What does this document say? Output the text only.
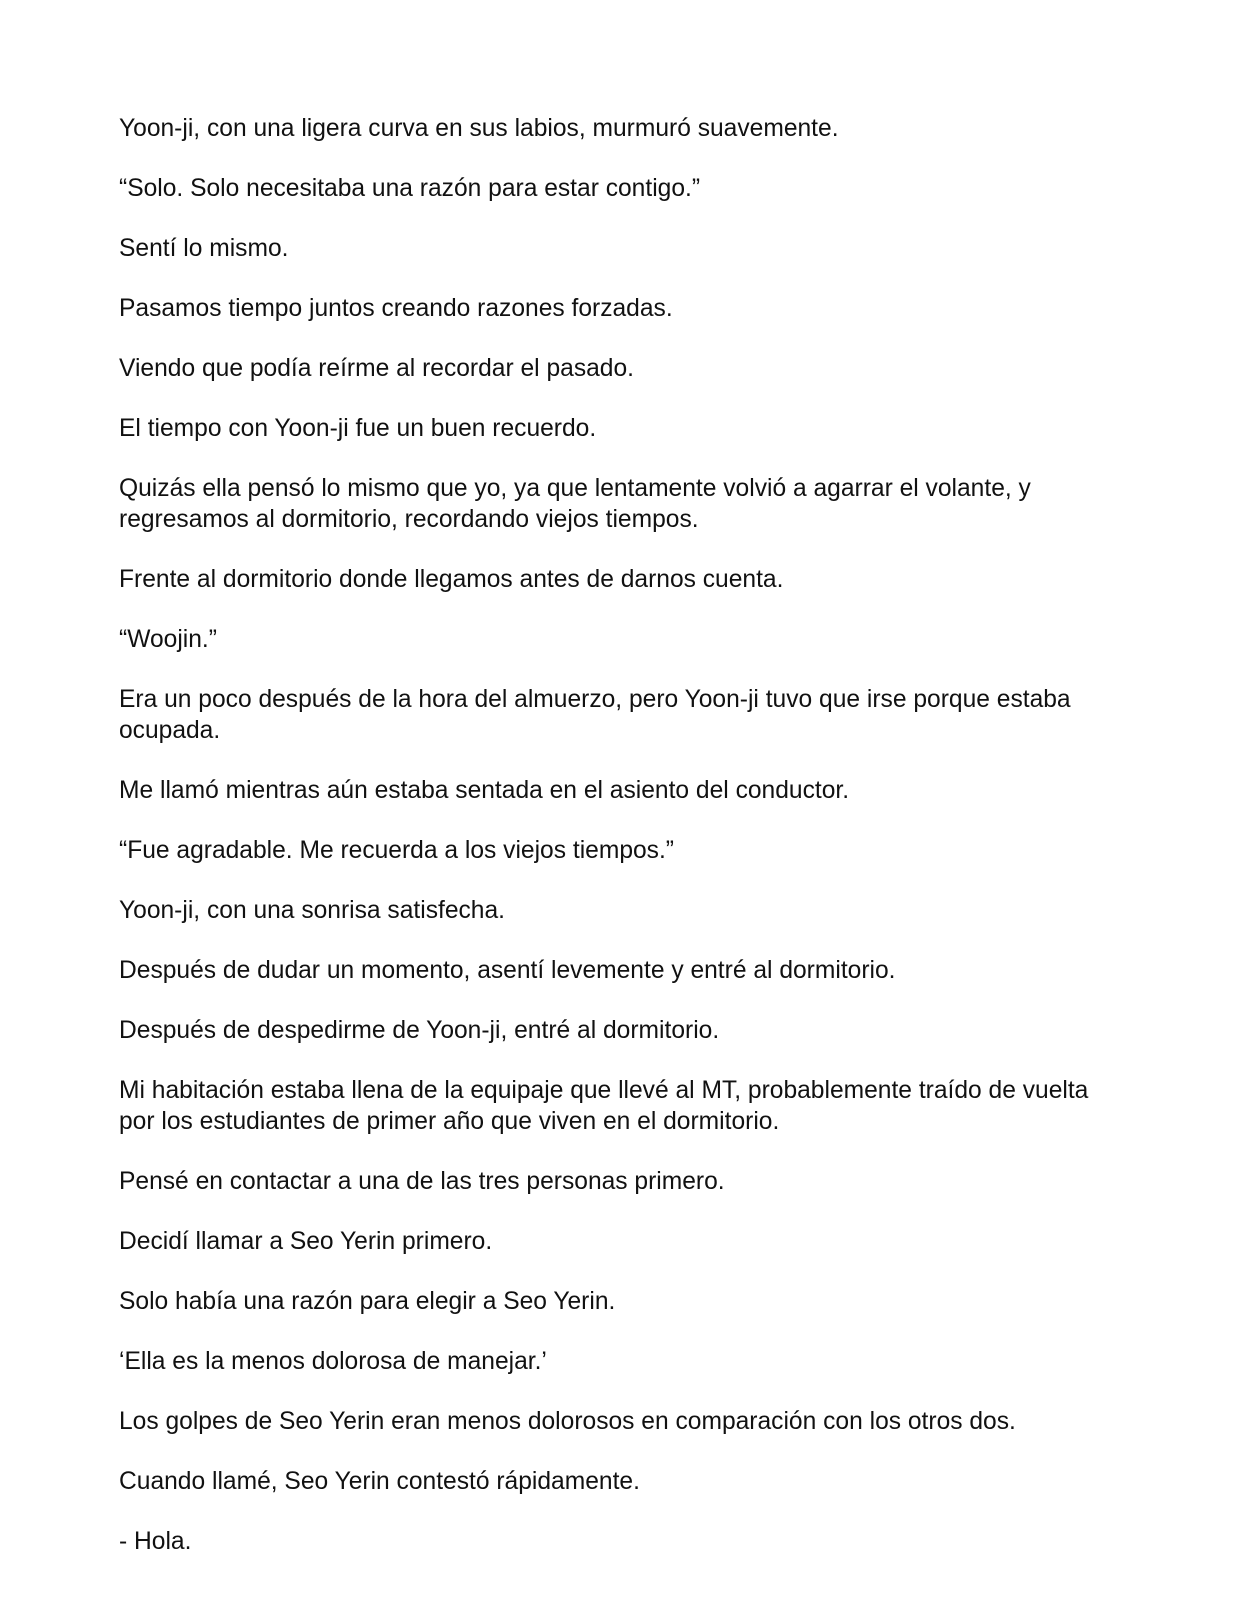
Yoon-ji, con una ligera curva en sus labios, murmuró suavemente.

“Solo. Solo necesitaba una razón para estar contigo.”

Sentí lo mismo.

Pasamos tiempo juntos creando razones forzadas.

Viendo que podía reírme al recordar el pasado.

El tiempo con Yoon-ji fue un buen recuerdo.

Quizás ella pensó lo mismo que yo, ya que lentamente volvió a agarrar el volante, y regresamos al dormitorio, recordando viejos tiempos.

Frente al dormitorio donde llegamos antes de darnos cuenta.

“Woojin.”

Era un poco después de la hora del almuerzo, pero Yoon-ji tuvo que irse porque estaba ocupada.

Me llamó mientras aún estaba sentada en el asiento del conductor.

“Fue agradable. Me recuerda a los viejos tiempos.”

Yoon-ji, con una sonrisa satisfecha.

Después de dudar un momento, asentí levemente y entré al dormitorio.

Después de despedirme de Yoon-ji, entré al dormitorio.

Mi habitación estaba llena de la equipaje que llevé al MT, probablemente traído de vuelta por los estudiantes de primer año que viven en el dormitorio.

Pensé en contactar a una de las tres personas primero.

Decidí llamar a Seo Yerin primero.

Solo había una razón para elegir a Seo Yerin.

‘Ella es la menos dolorosa de manejar.’

Los golpes de Seo Yerin eran menos dolorosos en comparación con los otros dos.

Cuando llamé, Seo Yerin contestó rápidamente.

- Hola.
